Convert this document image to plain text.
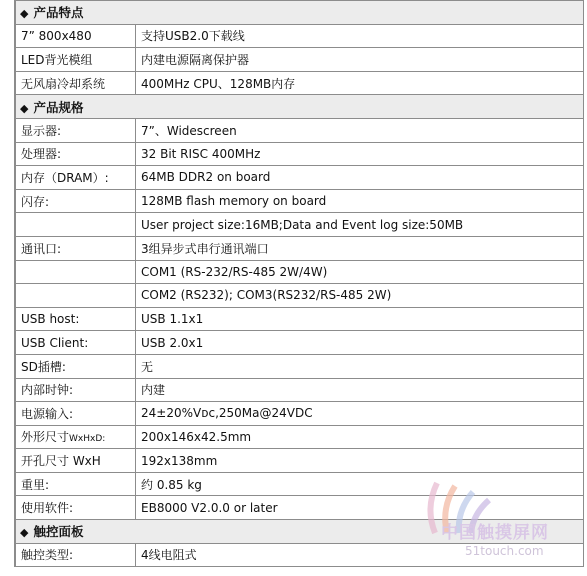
◆ 产品特点	
7” 800x480	支持USB2.0下载线
LED背光模组	内建电源隔离保护器
无风扇冷却系统	400MHz CPU、128MB内存
◆ 产品规格	
显示器:	7”、Widescreen
处理器:	32 Bit RISC 400MHz
内存（DRAM）:	64MB DDR2 on board
闪存:	128MB flash memory on board
	User project size:16MB;Data and Event log size:50MB
通讯口:	3组异步式串行通讯端口
	COM1 (RS-232/RS-485 2W/4W)
	COM2 (RS232); COM3(RS232/RS-485 2W)
USB host:	USB 1.1x1
USB Client:	USB 2.0x1
SD插槽:	无
内部时钟:	内建
电源输入:	24±20%Vᴅᴄ,250Ma@24VDC
外形尺寸WxHxD:	200x146x42.5mm
开孔尺寸 WxH	192x138mm
重里:	约 0.85 kg
使用软件:	EB8000 V2.0.0 or later
◆ 触控面板	
触控类型:	4线电阻式
中国触摸屏网
51touch.com
